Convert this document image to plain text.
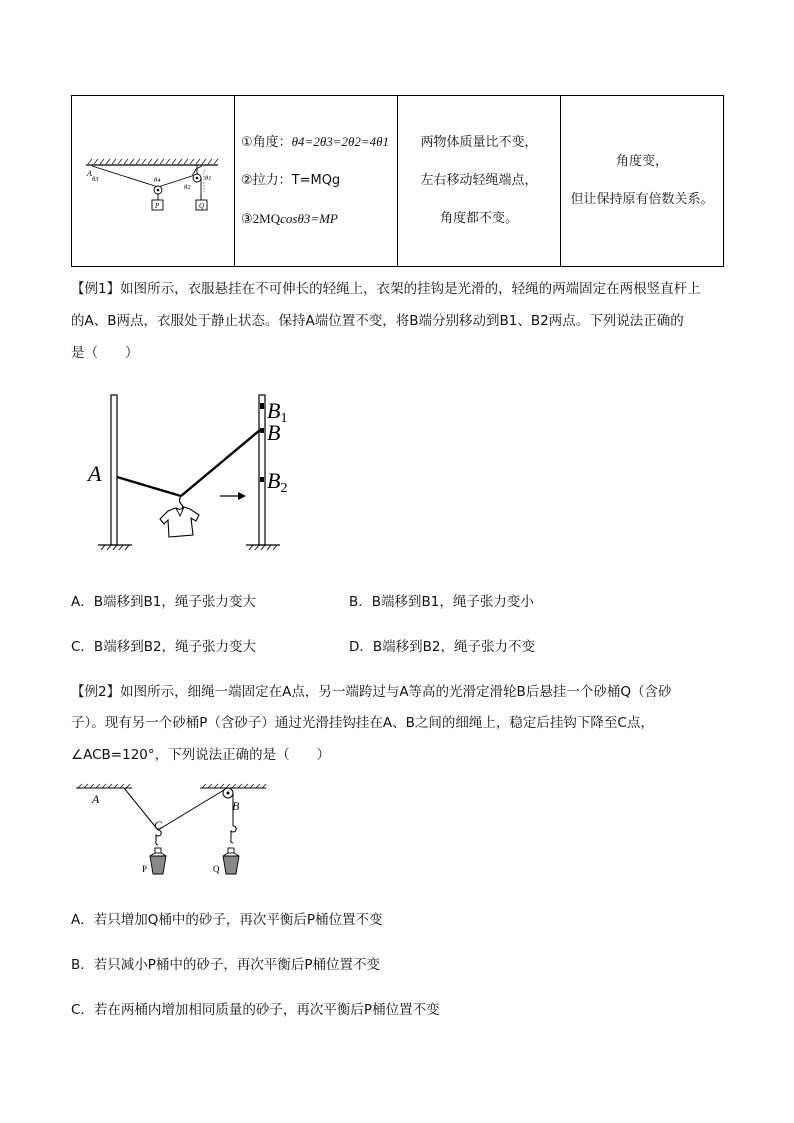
A
θ3	θ4
θ2
θ1
P	Q

①角度：θ4=2θ3=2θ2=4θ1
②拉力：T=MQg
③2MQcosθ3=MP

两物体质量比不变，
左右移动轻绳端点，
角度都不变。

角度变，
但让保持原有倍数关系。
【例1】如图所示，衣服悬挂在不可伸长的轻绳上，衣架的挂钩是光滑的，轻绳的两端固定在两根竖直杆上
的A、B两点，衣服处于静止状态。保持A端位置不变，将B端分别移动到B1、B2两点。下列说法正确的
是（　　）
A
B1
B
B2
A．B端移到B1，绳子张力变大	B．B端移到B1，绳子张力变小
C．B端移到B2，绳子张力变大	D．B端移到B2，绳子张力不变
【例2】如图所示，细绳一端固定在A点，另一端跨过与A等高的光滑定滑轮B后悬挂一个砂桶Q（含砂
子）。现有另一个砂桶P（含砂子）通过光滑挂钩挂在A、B之间的细绳上，稳定后挂钩下降至C点，
∠ACB=120°，下列说法正确的是（　　）
A	B
C
P	Q
A．若只增加Q桶中的砂子，再次平衡后P桶位置不变
B．若只减小P桶中的砂子，再次平衡后P桶位置不变
C．若在两桶内增加相同质量的砂子，再次平衡后P桶位置不变
